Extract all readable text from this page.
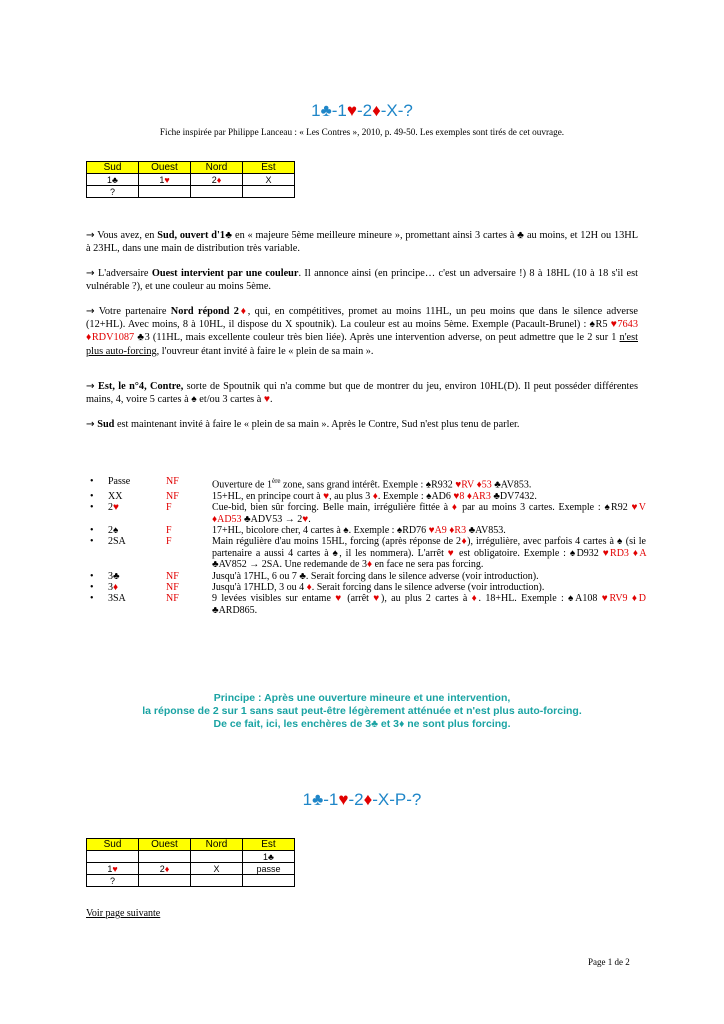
1♣-1♥-2♦-X-?
Fiche inspirée par Philippe Lanceau : « Les Contres », 2010, p. 49-50. Les exemples sont tirés de cet ouvrage.
Sud	Ouest	Nord	Est
1♣	1♥	2♦	X
?			
→ Vous avez, en Sud, ouvert d'1♣ en « majeure 5ème meilleure mineure », promettant ainsi 3 cartes à ♣ au moins, et 12H ou 13HL à 23HL, dans une main de distribution très variable.
→ L'adversaire Ouest intervient par une couleur. Il annonce ainsi (en principe… c'est un adversaire !) 8 à 18HL (10 à 18 s'il est vulnérable ?), et une couleur au moins 5ème.
→ Votre partenaire Nord répond 2♦, qui, en compétitives, promet au moins 11HL, un peu moins que dans le silence adverse (12+HL). Avec moins, 8 à 10HL, il dispose du X spoutnik). La couleur est au moins 5ème. Exemple (Pacault-Brunel) : ♠R5 ♥7643 ♦RDV1087 ♣3 (11HL, mais excellente couleur très bien liée). Après une intervention adverse, on peut admettre que le 2 sur 1 n'est plus auto-forcing, l'ouvreur étant invité à faire le « plein de sa main ».
→ Est, le n°4, Contre, sorte de Spoutnik qui n'a comme but que de montrer du jeu, environ 10HL(D). Il peut posséder différentes mains, 4, voire 5 cartes à ♠ et/ou 3 cartes à ♥.
→ Sud est maintenant invité à faire le « plein de sa main ». Après le Contre, Sud n'est plus tenu de parler.
• Passe	NF	Ouverture de 1ère zone, sans grand intérêt. Exemple : ♠R932 ♥RV ♦53 ♣AV853.
• XX	NF	15+HL, en principe court à ♥, au plus 3 ♦. Exemple : ♠AD6 ♥8 ♦AR3 ♣DV7432.
• 2♥	F	Cue-bid, bien sûr forcing. Belle main, irrégulière fittée à ♦ par au moins 3 cartes. Exemple : ♠R92 ♥V ♦AD53 ♣ADV53 → 2♥.
• 2♠	F	17+HL, bicolore cher, 4 cartes à ♠. Exemple : ♠RD76 ♥A9 ♦R3 ♣AV853.
• 2SA	F	Main régulière d'au moins 15HL, forcing (après réponse de 2♦), irrégulière, avec parfois 4 cartes à ♠ (si le partenaire a aussi 4 cartes à ♠, il les nommera). L'arrêt ♥ est obligatoire. Exemple : ♠D932 ♥RD3 ♦A ♣AV852 → 2SA. Une redemande de 3♦ en face ne sera pas forcing.
• 3♣	NF	Jusqu'à 17HL, 6 ou 7 ♣. Serait forcing dans le silence adverse (voir introduction).
• 3♦	NF	Jusqu'à 17HLD, 3 ou 4 ♦. Serait forcing dans le silence adverse (voir introduction).
• 3SA	NF	9 levées visibles sur entame ♥ (arrêt ♥), au plus 2 cartes à ♦. 18+HL. Exemple : ♠A108 ♥RV9 ♦D ♣ARD865.
Principe : Après une ouverture mineure et une intervention,
la réponse de 2 sur 1 sans saut peut-être légèrement atténuée et n'est plus auto-forcing.
De ce fait, ici, les enchères de 3♣ et 3♦ ne sont plus forcing.
1♣-1♥-2♦-X-P-?
Sud	Ouest	Nord	Est
			1♣
1♥	2♦	X	passe
?			
Voir page suivante
Page 1 de 2
